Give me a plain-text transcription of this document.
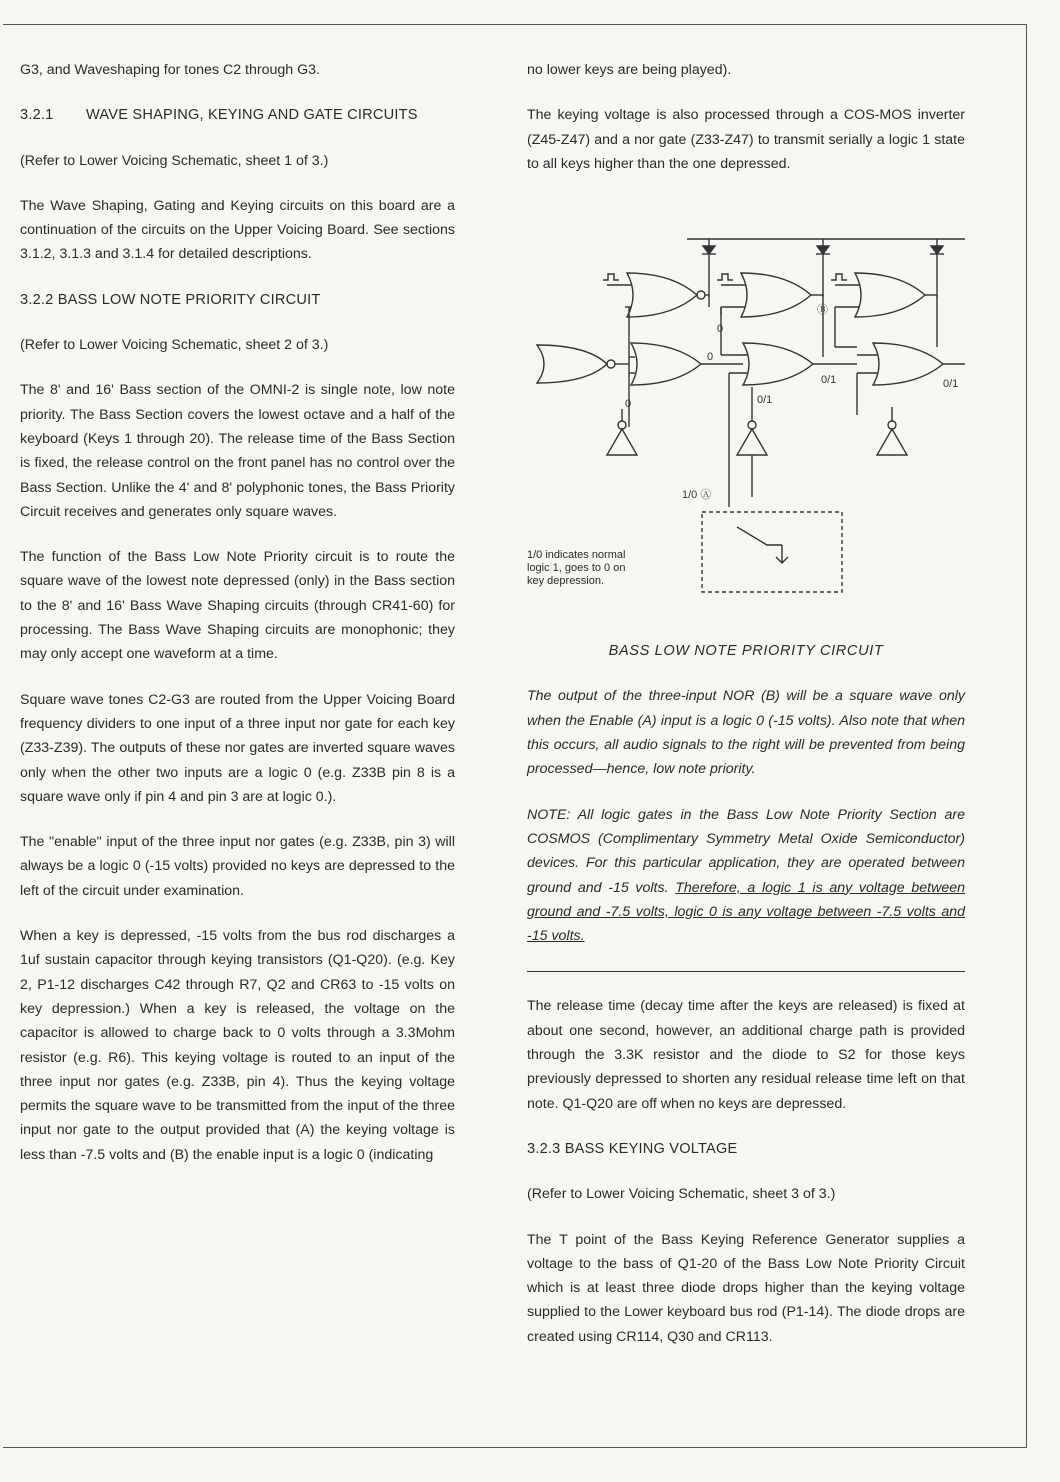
G3, and Waveshaping for tones C2 through G3.

3.2.1	WAVE SHAPING, KEYING AND GATE CIRCUITS

(Refer to Lower Voicing Schematic, sheet 1 of 3.)

The Wave Shaping, Gating and Keying circuits on this board are a continuation of the circuits on the Upper Voicing Board. See sections 3.1.2, 3.1.3 and 3.1.4 for detailed descriptions.

3.2.2 BASS LOW NOTE PRIORITY CIRCUIT

(Refer to Lower Voicing Schematic, sheet 2 of 3.)

The 8' and 16' Bass section of the OMNI-2 is single note, low note priority. The Bass Section covers the lowest octave and a half of the keyboard (Keys 1 through 20). The release time of the Bass Section is fixed, the release control on the front panel has no control over the Bass Section. Unlike the 4' and 8' polyphonic tones, the Bass Priority Circuit receives and generates only square waves.

The function of the Bass Low Note Priority circuit is to route the square wave of the lowest note depressed (only) in the Bass section to the 8' and 16' Bass Wave Shaping circuits (through CR41-60) for processing. The Bass Wave Shaping circuits are monophonic; they may only accept one waveform at a time.

Square wave tones C2-G3 are routed from the Upper Voicing Board frequency dividers to one input of a three input nor gate for each key (Z33-Z39). The outputs of these nor gates are inverted square waves only when the other two inputs are a logic 0 (e.g. Z33B pin 8 is a square wave only if pin 4 and pin 3 are at logic 0.).

The "enable" input of the three input nor gates (e.g. Z33B, pin 3) will always be a logic 0 (-15 volts) provided no keys are depressed to the left of the circuit under examination.

When a key is depressed, -15 volts from the bus rod discharges a 1uf sustain capacitor through keying transistors (Q1-Q20). (e.g. Key 2, P1-12 discharges C42 through R7, Q2 and CR63 to -15 volts on key depression.) When a key is released, the voltage on the capacitor is allowed to charge back to 0 volts through a 3.3Mohm resistor (e.g. R6). This keying voltage is routed to an input of the three input nor gates (e.g. Z33B, pin 4). Thus the keying voltage permits the square wave to be transmitted from the input of the three input nor gate to the output provided that (A) the keying voltage is less than -7.5 volts and (B) the enable input is a logic 0 (indicating

no lower keys are being played).

The keying voltage is also processed through a COS-MOS inverter (Z45-Z47) and a nor gate (Z33-Z47) to transmit serially a logic 1 state to all keys higher than the one depressed.

0
0
0
Ⓑ
0/1
0/1
0/1
1/0 Ⓐ
1/0 indicates normal
logic 1, goes to 0 on
key depression.
BASS LOW NOTE PRIORITY CIRCUIT

The output of the three-input NOR (B) will be a square wave only when the Enable (A) input is a logic 0 (-15 volts). Also note that when this occurs, all audio signals to the right will be prevented from being processed—hence, low note priority.

NOTE: All logic gates in the Bass Low Note Priority Section are COSMOS (Complimentary Symmetry Metal Oxide Semiconductor) devices. For this particular application, they are operated between ground and -15 volts. Therefore, a logic 1 is any voltage between ground and -7.5 volts, logic 0 is any voltage between -7.5 volts and -15 volts.

The release time (decay time after the keys are released) is fixed at about one second, however, an additional charge path is provided through the 3.3K resistor and the diode to S2 for those keys previously depressed to shorten any residual release time left on that note. Q1-Q20 are off when no keys are depressed.

3.2.3 BASS KEYING VOLTAGE

(Refer to Lower Voicing Schematic, sheet 3 of 3.)

The T point of the Bass Keying Reference Generator supplies a voltage to the bass of Q1-20 of the Bass Low Note Priority Circuit which is at least three diode drops higher than the keying voltage supplied to the Lower keyboard bus rod (P1-14). The diode drops are created using CR114, Q30 and CR113.
